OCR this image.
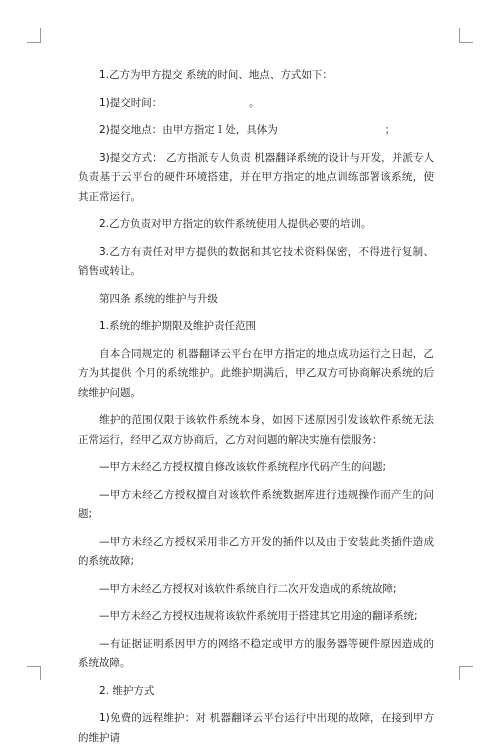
1.乙方为甲方提交 系统的时间、地点、方式如下：

1)提交时间：                          。

2)提交地点：由甲方指定１处，具体为                                ；

3)提交方式： 乙方指派专人负责 机器翻译系统的设计与开发，并派专人负责基于云平台的硬件环境搭建，并在甲方指定的地点训练部署该系统，使其正常运行。

2.乙方负责对甲方指定的软件系统使用人提供必要的培训。

3.乙方有责任对甲方提供的数据和其它技术资料保密，不得进行复制、销售或转让。

第四条 系统的维护与升级

1.系统的维护期限及维护责任范围

自本合同规定的 机器翻译云平台在甲方指定的地点成功运行之日起，乙方为其提供 个月的系统维护。此维护期满后，甲乙双方可协商解决系统的后续维护问题。

维护的范围仅限于该软件系统本身，如因下述原因引发该软件系统无法正常运行，经甲乙双方协商后，乙方对问题的解决实施有偿服务：

—甲方未经乙方授权擅自修改该软件系统程序代码产生的问题;

—甲方未经乙方授权擅自对该软件系统数据库进行违规操作而产生的问题;

—甲方未经乙方授权采用非乙方开发的插件以及由于安装此类插件造成的系统故障;

—甲方未经乙方授权对该软件系统自行二次开发造成的系统故障;

—甲方未经乙方授权违规将该软件系统用于搭建其它用途的翻译系统;

—有证据证明系因甲方的网络不稳定或甲方的服务器等硬件原因造成的系统故障。

2. 维护方式

1)免费的远程维护：对 机器翻译云平台运行中出现的故障，在接到甲方的维护请
